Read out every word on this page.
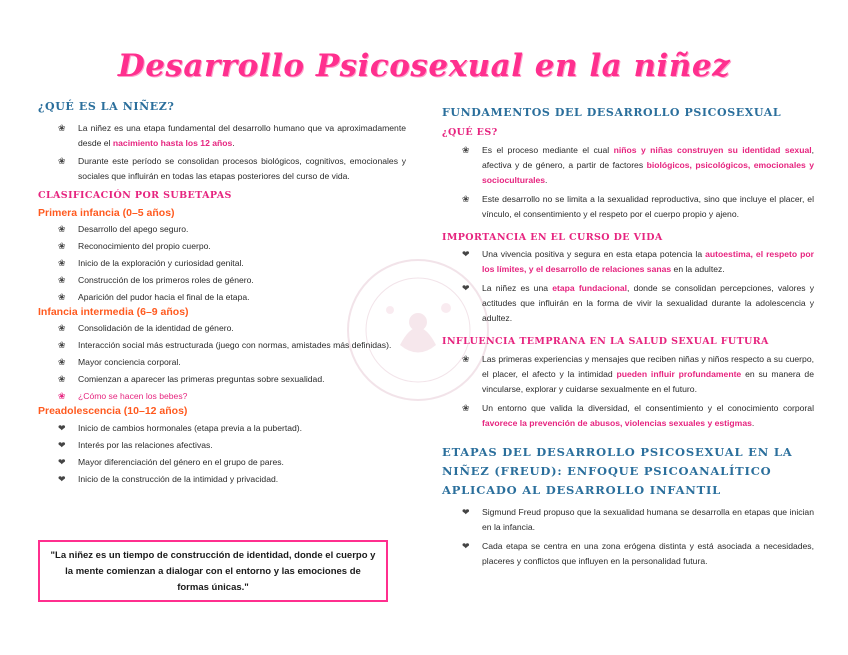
Desarrollo Psicosexual en la niñez
¿QUÉ ES LA NIÑEZ?
❀ La niñez es una etapa fundamental del desarrollo humano que va aproximadamente desde el nacimiento hasta los 12 años.
❀ Durante este período se consolidan procesos biológicos, cognitivos, emocionales y sociales que influirán en todas las etapas posteriores del curso de vida.
CLASIFICACIÓN POR SUBETAPAS
Primera infancia (0–5 años)
❀ Desarrollo del apego seguro.
❀ Reconocimiento del propio cuerpo.
❀ Inicio de la exploración y curiosidad genital.
❀ Construcción de los primeros roles de género.
❀ Aparición del pudor hacia el final de la etapa.
Infancia intermedia (6–9 años)
❀ Consolidación de la identidad de género.
❀ Interacción social más estructurada (juego con normas, amistades más definidas).
❀ Mayor conciencia corporal.
❀ Comienzan a aparecer las primeras preguntas sobre sexualidad.
❀ ¿Cómo se hacen los bebes?
Preadolescencia (10–12 años)
❤ Inicio de cambios hormonales (etapa previa a la pubertad).
❤ Interés por las relaciones afectivas.
❤ Mayor diferenciación del género en el grupo de pares.
❤ Inicio de la construcción de la intimidad y privacidad.
"La niñez es un tiempo de construcción de identidad, donde el cuerpo y la mente comienzan a dialogar con el entorno y las emociones de formas únicas."
FUNDAMENTOS DEL DESARROLLO PSICOSEXUAL
¿QUÉ ES?
❀ Es el proceso mediante el cual niños y niñas construyen su identidad sexual, afectiva y de género, a partir de factores biológicos, psicológicos, emocionales y socioculturales.
❀ Este desarrollo no se limita a la sexualidad reproductiva, sino que incluye el placer, el vínculo, el consentimiento y el respeto por el cuerpo propio y ajeno.
IMPORTANCIA EN EL CURSO DE VIDA
❤ Una vivencia positiva y segura en esta etapa potencia la autoestima, el respeto por los límites, y el desarrollo de relaciones sanas en la adultez.
❤ La niñez es una etapa fundacional, donde se consolidan percepciones, valores y actitudes que influirán en la forma de vivir la sexualidad durante la adolescencia y adultez.
INFLUENCIA TEMPRANA EN LA SALUD SEXUAL FUTURA
❀ Las primeras experiencias y mensajes que reciben niñas y niños respecto a su cuerpo, el placer, el afecto y la intimidad pueden influir profundamente en su manera de vincularse, explorar y cuidarse sexualmente en el futuro.
❀ Un entorno que valida la diversidad, el consentimiento y el conocimiento corporal favorece la prevención de abusos, violencias sexuales y estigmas.
ETAPAS DEL DESARROLLO PSICOSEXUAL EN LA NIÑEZ (FREUD): ENFOQUE PSICOANALÍTICO APLICADO AL DESARROLLO INFANTIL
❤ Sigmund Freud propuso que la sexualidad humana se desarrolla en etapas que inician en la infancia.
❤ Cada etapa se centra en una zona erógena distinta y está asociada a necesidades, placeres y conflictos que influyen en la personalidad futura.
